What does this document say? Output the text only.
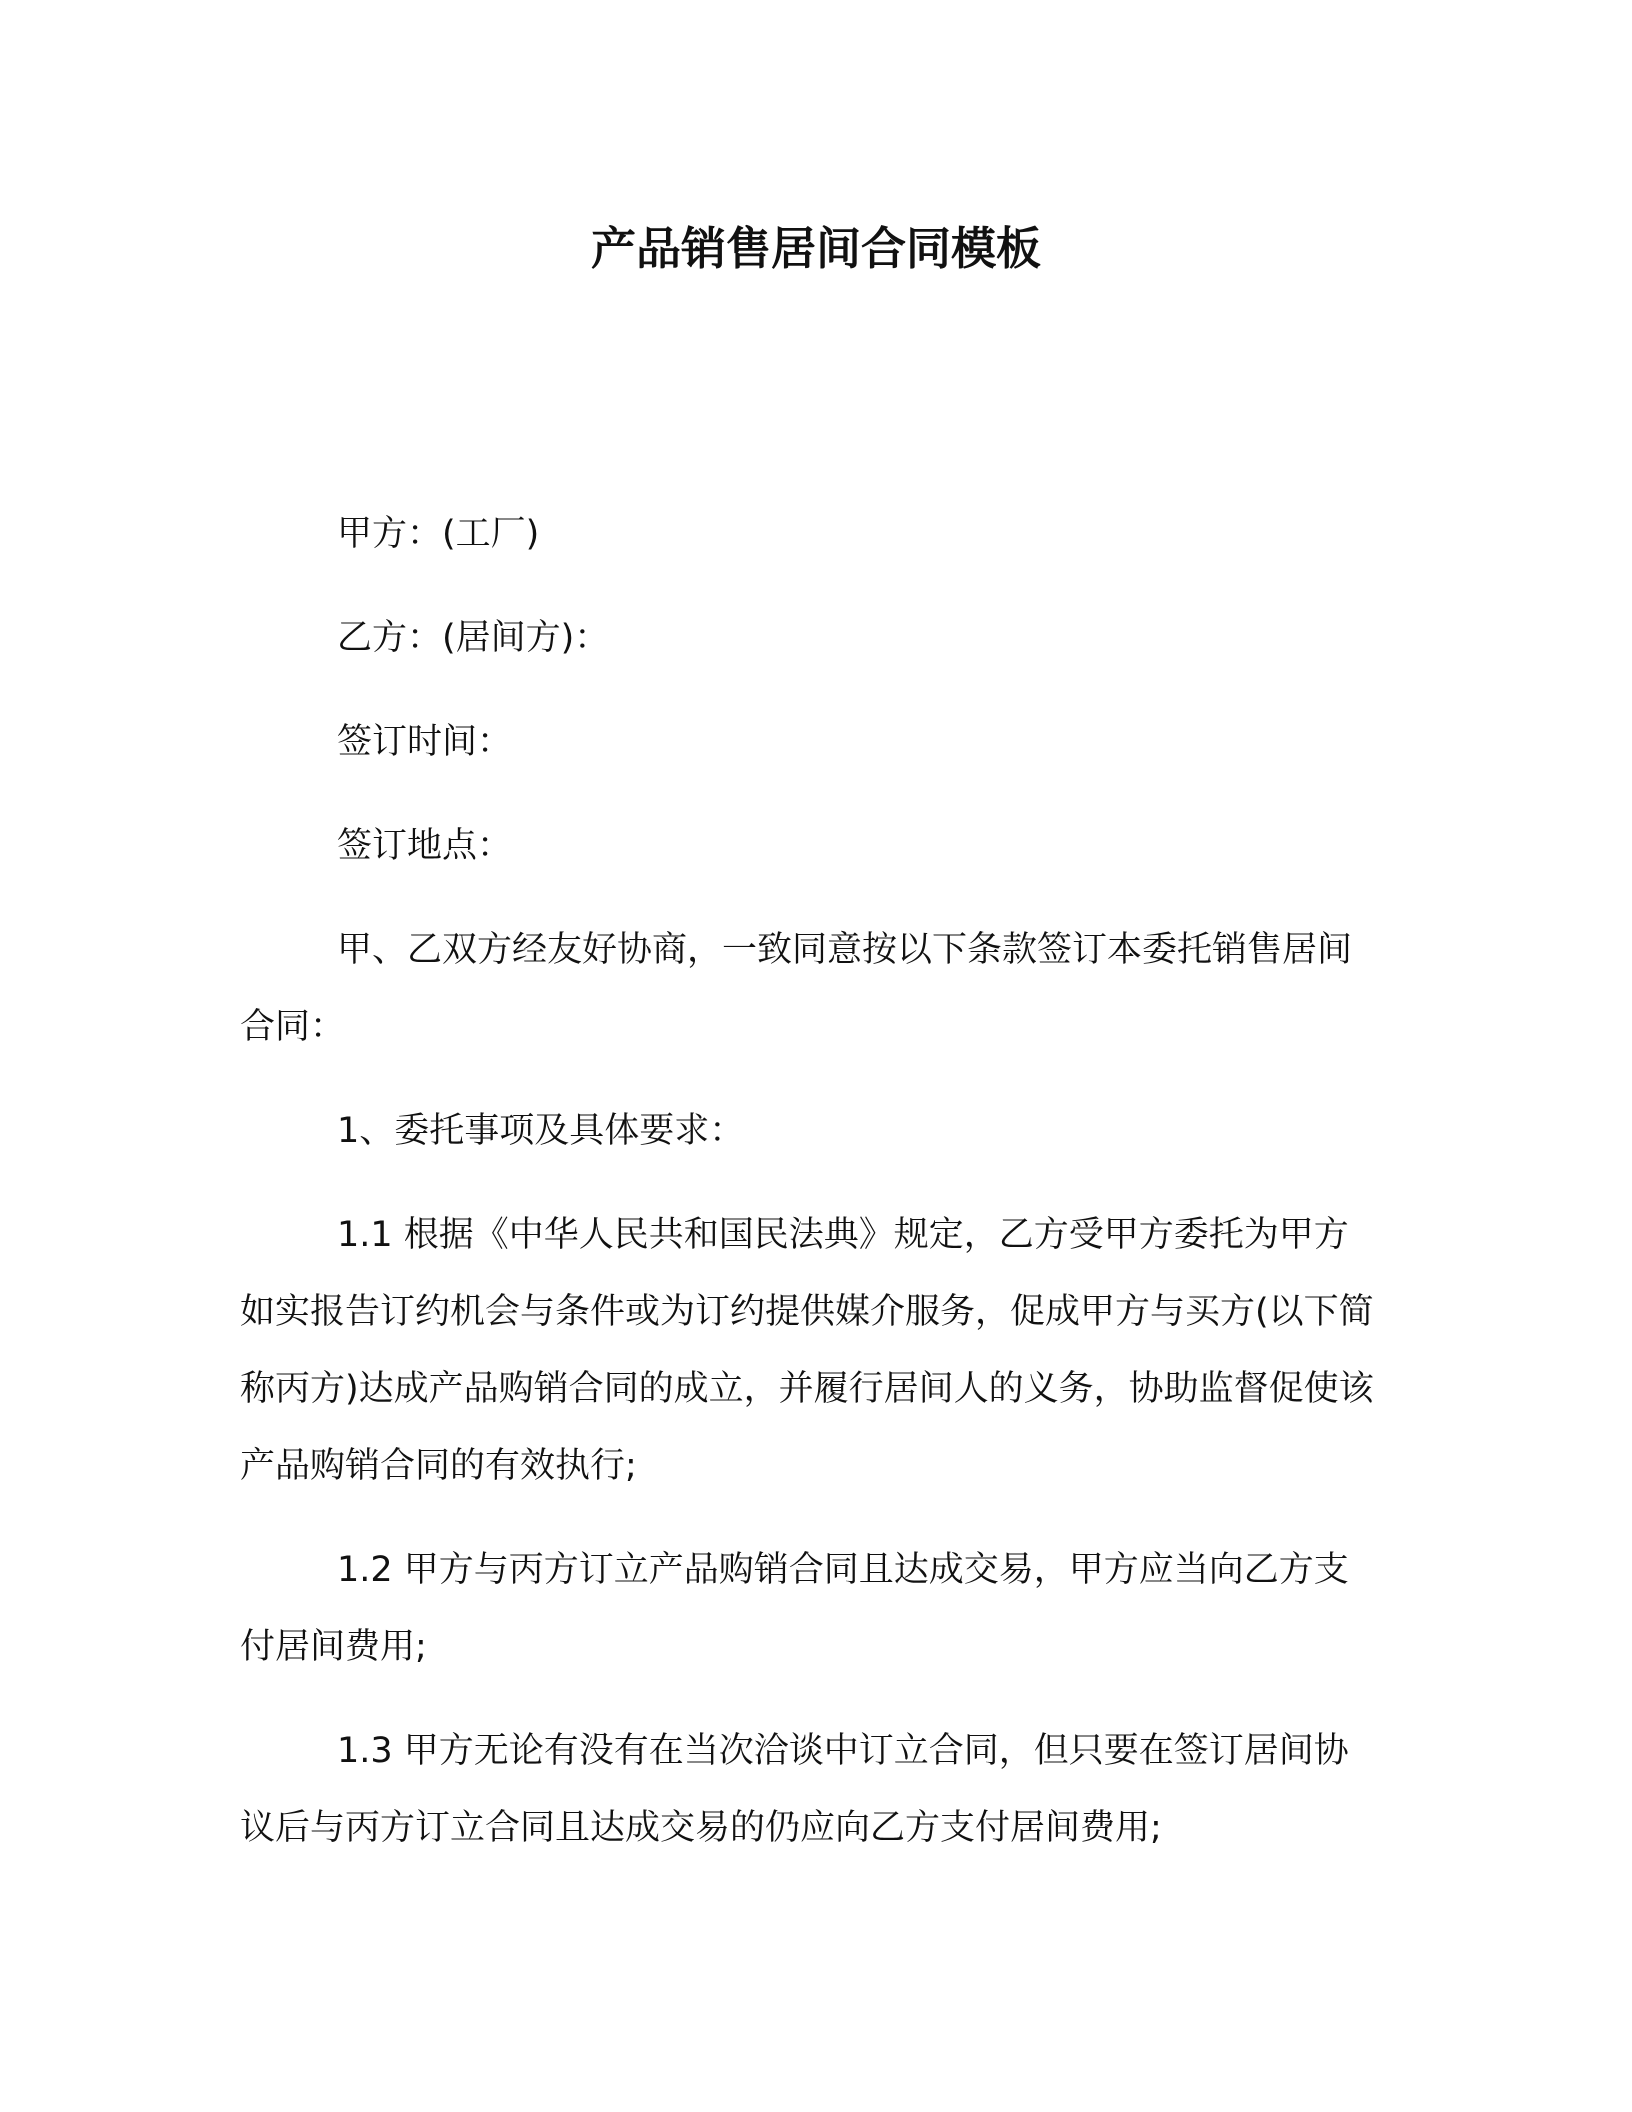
产品销售居间合同模板

甲方：(工厂)

乙方：(居间方)：

签订时间：

签订地点：

甲、乙双方经友好协商，一致同意按以下条款签订本委托销售居间合同：

1、委托事项及具体要求：

1.1 根据《中华人民共和国民法典》规定，乙方受甲方委托为甲方如实报告订约机会与条件或为订约提供媒介服务，促成甲方与买方(以下简称丙方)达成产品购销合同的成立，并履行居间人的义务，协助监督促使该产品购销合同的有效执行;

1.2 甲方与丙方订立产品购销合同且达成交易，甲方应当向乙方支付居间费用;

1.3 甲方无论有没有在当次洽谈中订立合同，但只要在签订居间协议后与丙方订立合同且达成交易的仍应向乙方支付居间费用;
